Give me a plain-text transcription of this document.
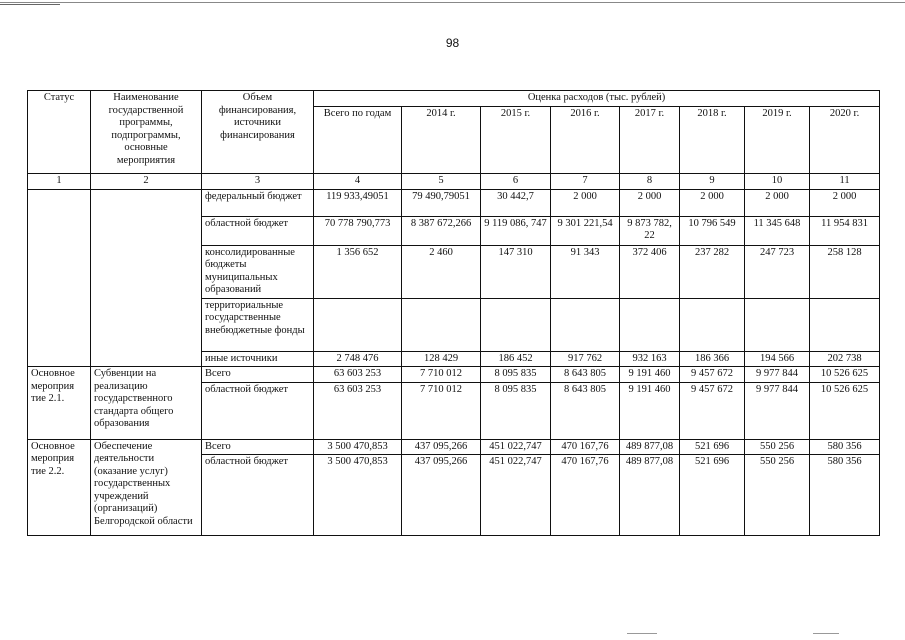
98
Статус	Наименование государственной программы, подпрограммы, основные мероприятия	Объем финансирования, источники финансирования	Оценка расходов (тыс. рублей)							
			Всего по годам	2014 г.	2015 г.	2016 г.	2017 г.	2018 г.	2019 г.	2020 г.
1	2	3	4	5	6	7	8	9	10	11
		федеральный бюджет	119 933,49051	79 490,79051	30 442,7	2 000	2 000	2 000	2 000	2 000
		областной бюджет	70 778 790,773	8 387 672,266	9 119 086, 747	9 301 221,54	9 873 782, 22	10 796 549	11 345 648	11 954 831
		консолидированные бюджеты муниципальных образований	1 356 652	2 460	147 310	91 343	372 406	237 282	247 723	258 128
		территориальные государственные внебюджетные фонды								
		иные источники	2 748 476	128 429	186 452	917 762	932 163	186 366	194 566	202 738
Основное мероприя тие 2.1.	Субвенции на реализацию государственного стандарта общего образования	Всего	63 603 253	7 710 012	8 095 835	8 643 805	9 191 460	9 457 672	9 977 844	10 526 625
		областной бюджет	63 603 253	7 710 012	8 095 835	8 643 805	9 191 460	9 457 672	9 977 844	10 526 625
Основное мероприя тие 2.2.	Обеспечение деятельности (оказание услуг) государственных учреждений (организаций) Белгородской области	Всего	3 500 470,853	437 095,266	451 022,747	470 167,76	489 877,08	521 696	550 256	580 356
		областной бюджет	3 500 470,853	437 095,266	451 022,747	470 167,76	489 877,08	521 696	550 256	580 356
